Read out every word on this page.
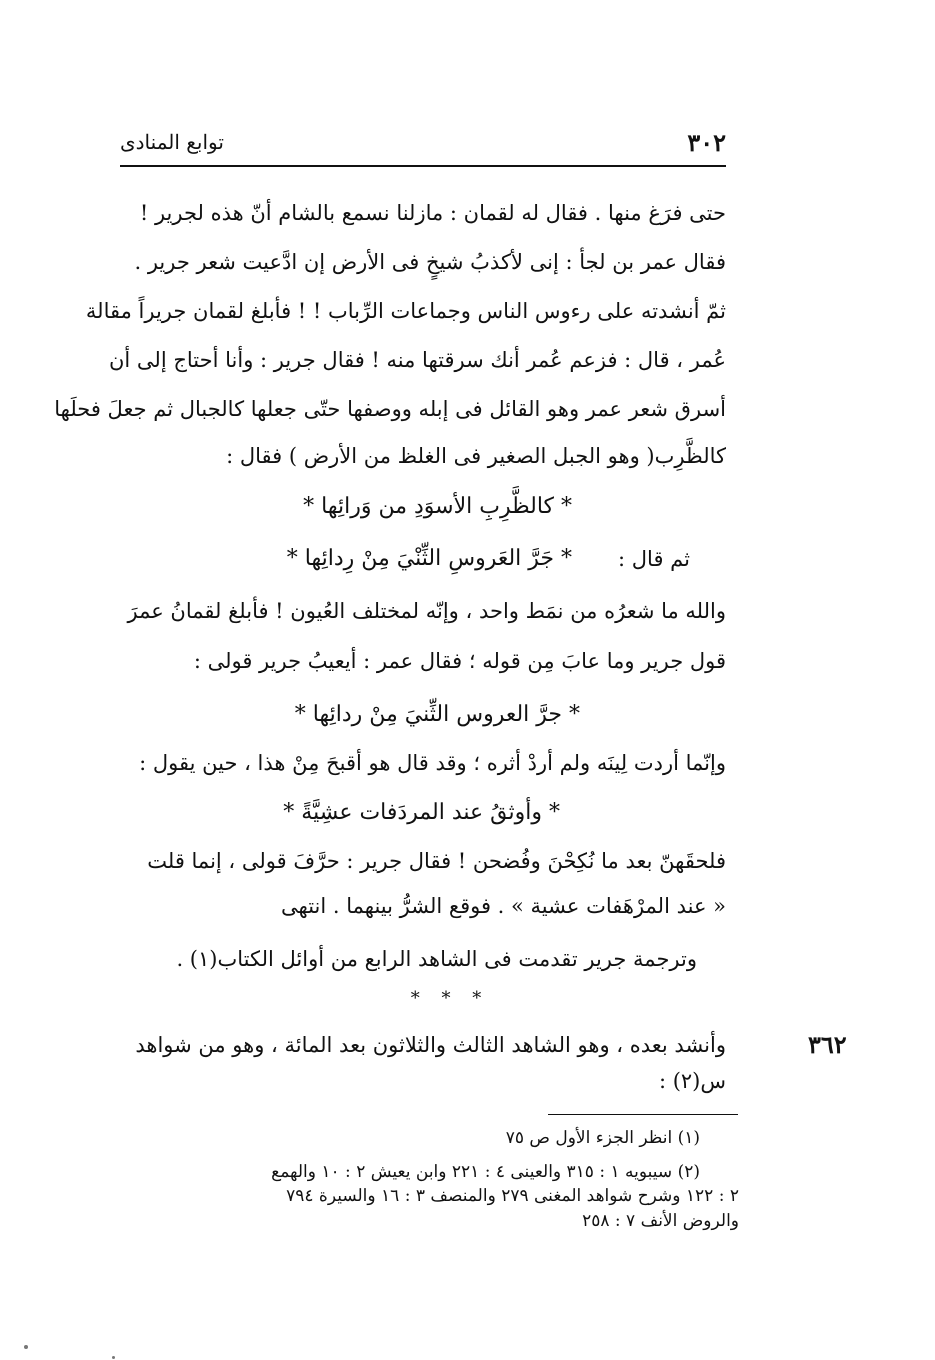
٣٠٢
توابع المنادى
حتى فرَغ منها . فقال له لقمان : مازلنا نسمع بالشام أنّ هذه لجرير !
فقال عمر بن لجأ : إنى لأكذبُ شيخٍ فى الأرض إن ادَّعيت شعر جرير .
ثمّ أنشدته على رءوس الناس وجماعات الرِّباب ! ! فأبلغ لقمان جريراً مقالة
عُمر ، قال : فزعم عُمر أنك سرقتها منه ! فقال جرير : وأنا أحتاج إلى أن
أسرق شعر عمر وهو القائل فى إبله ووصفها حتّى جعلها كالجبال ثم جعلَ فحلَها
كالظَّرِب( وهو الجبل الصغير فى الغلظ من الأرض ) فقال :
* كالظَّرِبِ الأسوَدِ من وَرائِها *
ثم قال :
* جَرَّ العَروسِ الثِّنْيَ مِنْ رِدائِها *
والله ما شعرُه من نمَط واحد ، وإنّه لمختلف العُيون ! فأبلغ لقمانُ عمرَ
قول جرير وما عابَ مِن قوله ؛ فقال عمر : أيعيبُ جرير قولى :
* جرَّ العروس الثِّنيَ مِنْ ردائِها *
وإنّما أردت لِينَه ولم أردْ أثره ؛ وقد قال هو أقبحَ مِنْ هذا ، حين يقول :
* وأوثقُ عند المردَفات عشِيَّةً *
فلحقَهنّ بعد ما نُكِحْنَ وفُضحن ! فقال جرير : حرَّفَ قولى ، إنما قلت
« عند المرْهَفات عشية » . فوقع الشرُّ بينهما . انتهى
وترجمة جرير تقدمت فى الشاهد الرابع من أوائل الكتاب(١) .
* * *
٣٦٢
وأنشد بعده ، وهو الشاهد الثالث والثلاثون بعد المائة ، وهو من شواهد
س(٢) :
(١) انظر الجزء الأول ص ٧٥
(٢) سيبويه ١ : ٣١٥ والعينى ٤ : ٢٢١ وابن يعيش ٢ : ١٠ والهمع
٢ : ١٢٢ وشرح شواهد المغنى ٢٧٩ والمنصف ٣ : ١٦ والسيرة ٧٩٤
والروض الأنف ٧ : ٢٥٨
